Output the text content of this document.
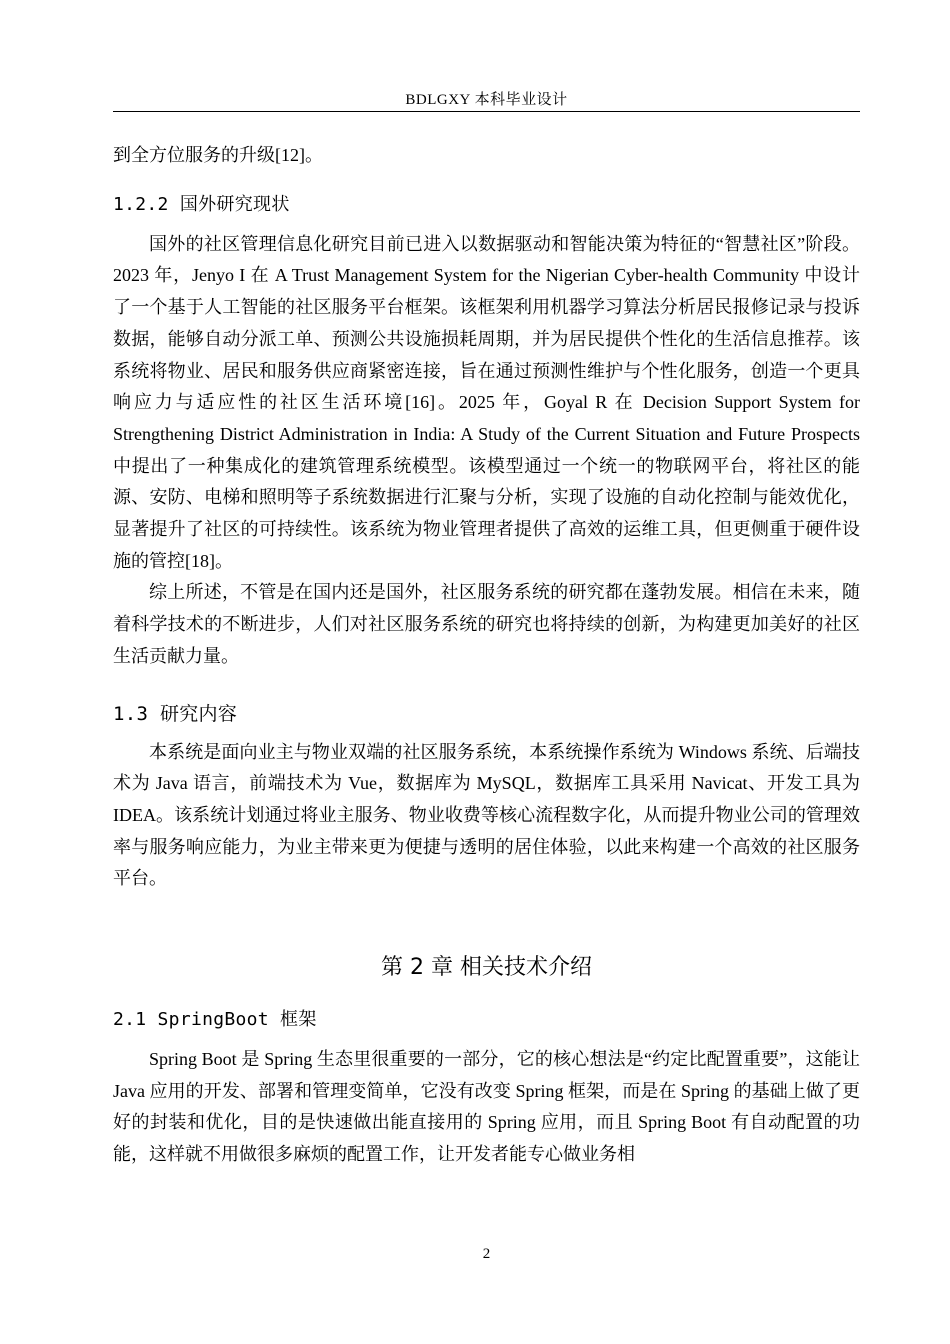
BDLGXY 本科毕业设计

到全方位服务的升级[12]。

1.2.2 国外研究现状

国外的社区管理信息化研究目前已进入以数据驱动和智能决策为特征的“智慧社区”阶段。2023 年，Jenyo I 在 A Trust Management System for the Nigerian Cyber-health Community 中设计了一个基于人工智能的社区服务平台框架。该框架利用机器学习算法分析居民报修记录与投诉数据，能够自动分派工单、预测公共设施损耗周期，并为居民提供个性化的生活信息推荐。该系统将物业、居民和服务供应商紧密连接，旨在通过预测性维护与个性化服务，创造一个更具响应力与适应性的社区生活环境[16]。2025 年，Goyal R 在 Decision Support System for Strengthening District Administration in India: A Study of the Current Situation and Future Prospects 中提出了一种集成化的建筑管理系统模型。该模型通过一个统一的物联网平台，将社区的能源、安防、电梯和照明等子系统数据进行汇聚与分析，实现了设施的自动化控制与能效优化，显著提升了社区的可持续性。该系统为物业管理者提供了高效的运维工具，但更侧重于硬件设施的管控[18]。

综上所述，不管是在国内还是国外，社区服务系统的研究都在蓬勃发展。相信在未来，随着科学技术的不断进步，人们对社区服务系统的研究也将持续的创新，为构建更加美好的社区生活贡献力量。

1.3 研究内容

本系统是面向业主与物业双端的社区服务系统，本系统操作系统为 Windows 系统、后端技术为 Java 语言，前端技术为 Vue，数据库为 MySQL，数据库工具采用 Navicat、开发工具为 IDEA。该系统计划通过将业主服务、物业收费等核心流程数字化，从而提升物业公司的管理效率与服务响应能力，为业主带来更为便捷与透明的居住体验，以此来构建一个高效的社区服务平台。

第 2 章 相关技术介绍
2.1 SpringBoot 框架

Spring Boot 是 Spring 生态里很重要的一部分，它的核心想法是“约定比配置重要”，这能让 Java 应用的开发、部署和管理变简单，它没有改变 Spring 框架，而是在 Spring 的基础上做了更好的封装和优化，目的是快速做出能直接用的 Spring 应用，而且 Spring Boot 有自动配置的功能，这样就不用做很多麻烦的配置工作，让开发者能专心做业务相

2
